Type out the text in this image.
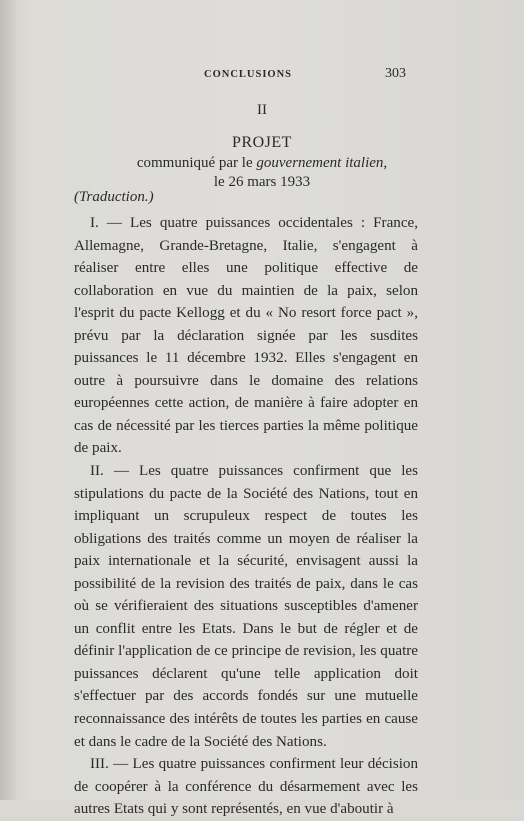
CONCLUSIONS	303
II
PROJET
communiqué par le gouvernement italien,
le 26 mars 1933
(Traduction.)

I. — Les quatre puissances occidentales : France, Allemagne, Grande-Bretagne, Italie, s'engagent à réaliser entre elles une politique effective de collaboration en vue du maintien de la paix, selon l'esprit du pacte Kellogg et du « No resort force pact », prévu par la déclaration signée par les susdites puissances le 11 décembre 1932. Elles s'engagent en outre à poursuivre dans le domaine des relations européennes cette action, de manière à faire adopter en cas de nécessité par les tierces parties la même politique de paix.

II. — Les quatre puissances confirment que les stipulations du pacte de la Société des Nations, tout en impliquant un scrupuleux respect de toutes les obligations des traités comme un moyen de réaliser la paix internationale et la sécurité, envisagent aussi la possibilité de la revision des traités de paix, dans le cas où se vérifieraient des situations susceptibles d'amener un conflit entre les Etats. Dans le but de régler et de définir l'application de ce principe de revision, les quatre puissances déclarent qu'une telle application doit s'effectuer par des accords fondés sur une mutuelle reconnaissance des intérêts de toutes les parties en cause et dans le cadre de la Société des Nations.

III. — Les quatre puissances confirment leur décision de coopérer à la conférence du désarmement avec les autres Etats qui y sont représentés, en vue d'aboutir à
